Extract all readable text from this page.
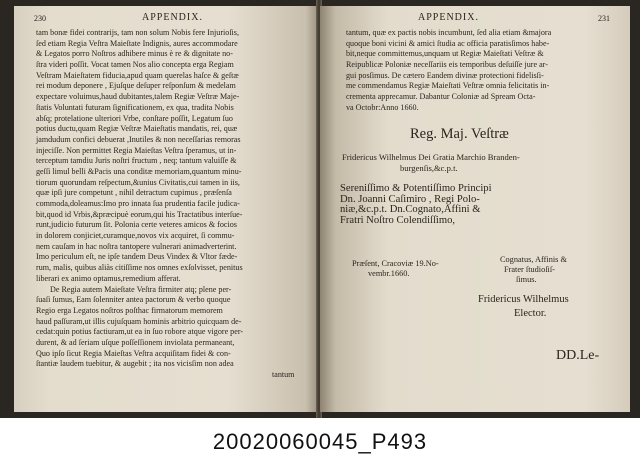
230	APPENDIX.
tam bonæ fidei contrarijs, tam non solum Nobis fere Injurioſis,
ſed etiam Regia Veſtra Maieſtate Indignis, aures accommodare
& Legatos porro Noſtros adhibere minus è re & dignitate no-
ſtra videri poſſit. Vocat tamen Nos alio concepta erga Regiam
Veſtram Maieſtatem fiducia,apud quam querelas haſce & geſtæ
rei modum deponere , Ejuſque deſuper reſponſum & medelam
expectare voluimus,haud dubitantes,talem Regiæ Veſtræ Maje-
ſtatis Voluntati futuram ſignificationem, ex qua, tradita Nobis
abſq; protelatione ulteriori Vrbe, conſtare poſſit, Legatum ſuo
potius ductu,quam Regiæ Veſtræ Maieſtatis mandatis, rei, quæ
jamdudum confici debuerat ,Inutiles & non neceſſarias remoras
injeciſſe. Non permittet Regia Maieſtas Veſtra ſperamus, ut in-
terceptum tamdiu Juris noſtri fructum , neq; tantum valuiſſe &
geſſi limul belli &Pacis una conditæ memoriam,quantum minu-
tiorum quorundam reſpectum,&unius Civitatis,cui tamen in iis,
quæ ipſi jure competunt , nihil detractum cupimus , præſenſa
commoda,doleamus:Imo pro innata ſua prudentia facile judica-
bit,quod id Vrbis,&præcipuè eorum,qui his Tractatibus interſue-
runt,judicio futurum ſit. Polonia certe veteres amicos & focios
in dolorem conjiciet,curamque,novos vix acquiret, ſi commu-
nem cauſam in hac noſtra tantopere vulnerari animadverterint.
Imo periculum eſt, ne ipſe tandem Deus Vindex & Vltor fæde-
rum, malis, quibus aliàs citiſſime nos omnes exſolvisset, penitus
liberari ex animo optamus,remedium afferat.
De Regia autem Maieſtate Veſtra firmiter atq; plene per-
ſuaſi ſumus, Eam ſolenniter antea pactorum & verbo quoque
Regio erga Legatos noſtros poſthac firmatorum memorem
haud paſſuram,ut illis cujuſquam hominis arbitrio quicquam de-
cedat:quin potius factiuram,ut ea in ſuo robore atque vigore per-
durent, & ad ſeriam uſque poſſeſſionem inviolata permaneant,
Quo ipſo ſicut Regia Maieſtas Veſtra acquiſitam fidei & con-
ſtantiæ laudem tuebitur, & augebit ; ita nos vicisſim non adea
tantum
APPENDIX.	231
tantum, quæ ex pactis nobis incumbunt, ſed alia etiam &majora
quoque boni vicini & amici ſtudia ac officia paratisſimos habe-
bit,neque committemus,unquam ut Regiæ Maieſtati Veſtræ &
Reipublicæ Poloniæ neceſſariis eis temporibus deſuiſſe jure ar-
gui posſimus. De cætero Eandem divinæ protectioni fidelisſi-
me commendamus Regiæ Maieſtati Veſtræ omnia felicitatis in-
crementa apprecamur. Dabantur Coloniæ ad Spream Octa-
va Octobr:Anno 1660.
Reg. Maj. Veſtræ
Fridericus Wilhelmus Dei Gratia Marchio Branden-
burgenſis,&c.p.t.
Sereniſſimo & Potentiſſimo Principi
Dn. Joanni Caſimiro , Regi Polo-
niæ,&c.p.t. Dn.Cognato,Affini &
Fratri Noſtro Colendiſſimo,
Præſent, Cracoviæ 19.No-
vembr.1660.
Cognatus, Affinis &
Frater ſtudioſiſ-
ſimus.
Fridericus Wilhelmus
Elector.
DD.Le-
20020060045_P493
